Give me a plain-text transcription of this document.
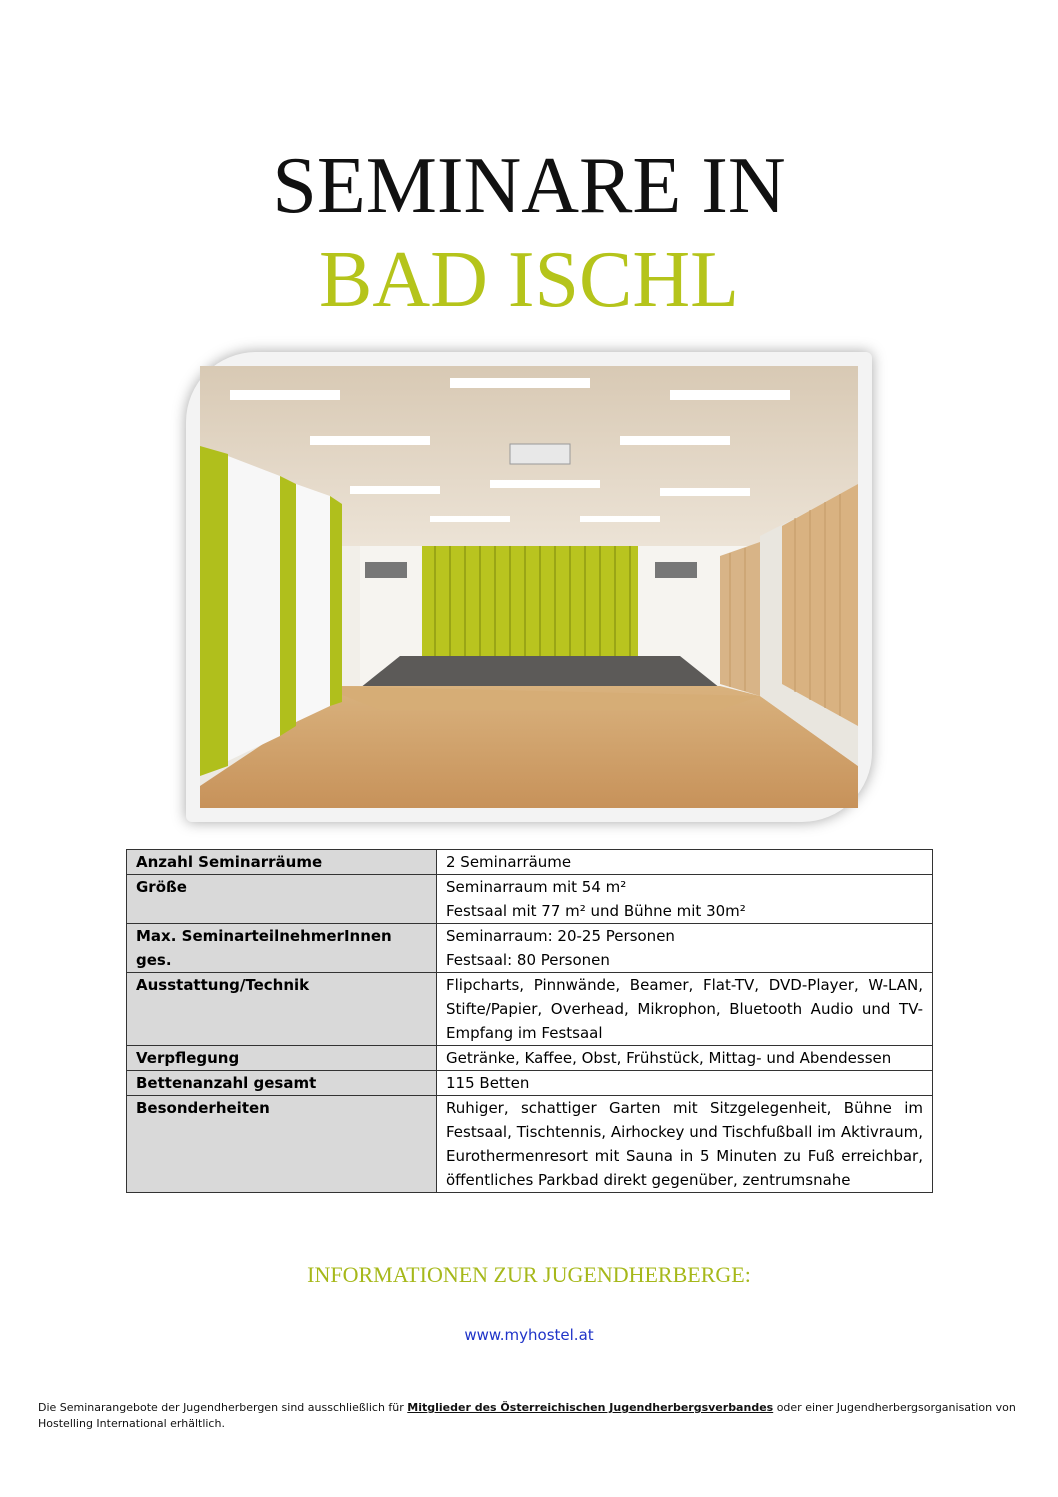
SEMINARE IN
BAD ISCHL
Anzahl Seminarräume	2 Seminarräume
Größe	Seminarraum mit 54 m²
Festsaal mit 77 m² und Bühne mit 30m²

Max. SeminarteilnehmerInnen ges.	Seminarraum: 20-25 Personen
Festsaal: 80 Personen

Ausstattung/Technik	Flipcharts, Pinnwände, Beamer, Flat-TV, DVD-Player, W-LAN, Stifte/Papier, Overhead, Mikrophon, Bluetooth Audio und TV-Empfang im Festsaal
Verpflegung	Getränke, Kaffee, Obst, Frühstück, Mittag- und Abendessen
Bettenanzahl gesamt	115 Betten
Besonderheiten	Ruhiger, schattiger Garten mit Sitzgelegenheit, Bühne im Festsaal, Tischtennis, Airhockey und Tischfußball im Aktivraum, Eurothermenresort mit Sauna in 5 Minuten zu Fuß erreichbar, öffentliches Parkbad direkt gegenüber, zentrumsnahe
INFORMATIONEN ZUR JUGENDHERBERGE:
www.myhostel.at
Die Seminarangebote der Jugendherbergen sind ausschließlich für Mitglieder des Österreichischen Jugendherbergsverbandes oder einer Jugendherbergsorganisation von Hostelling International erhältlich.
